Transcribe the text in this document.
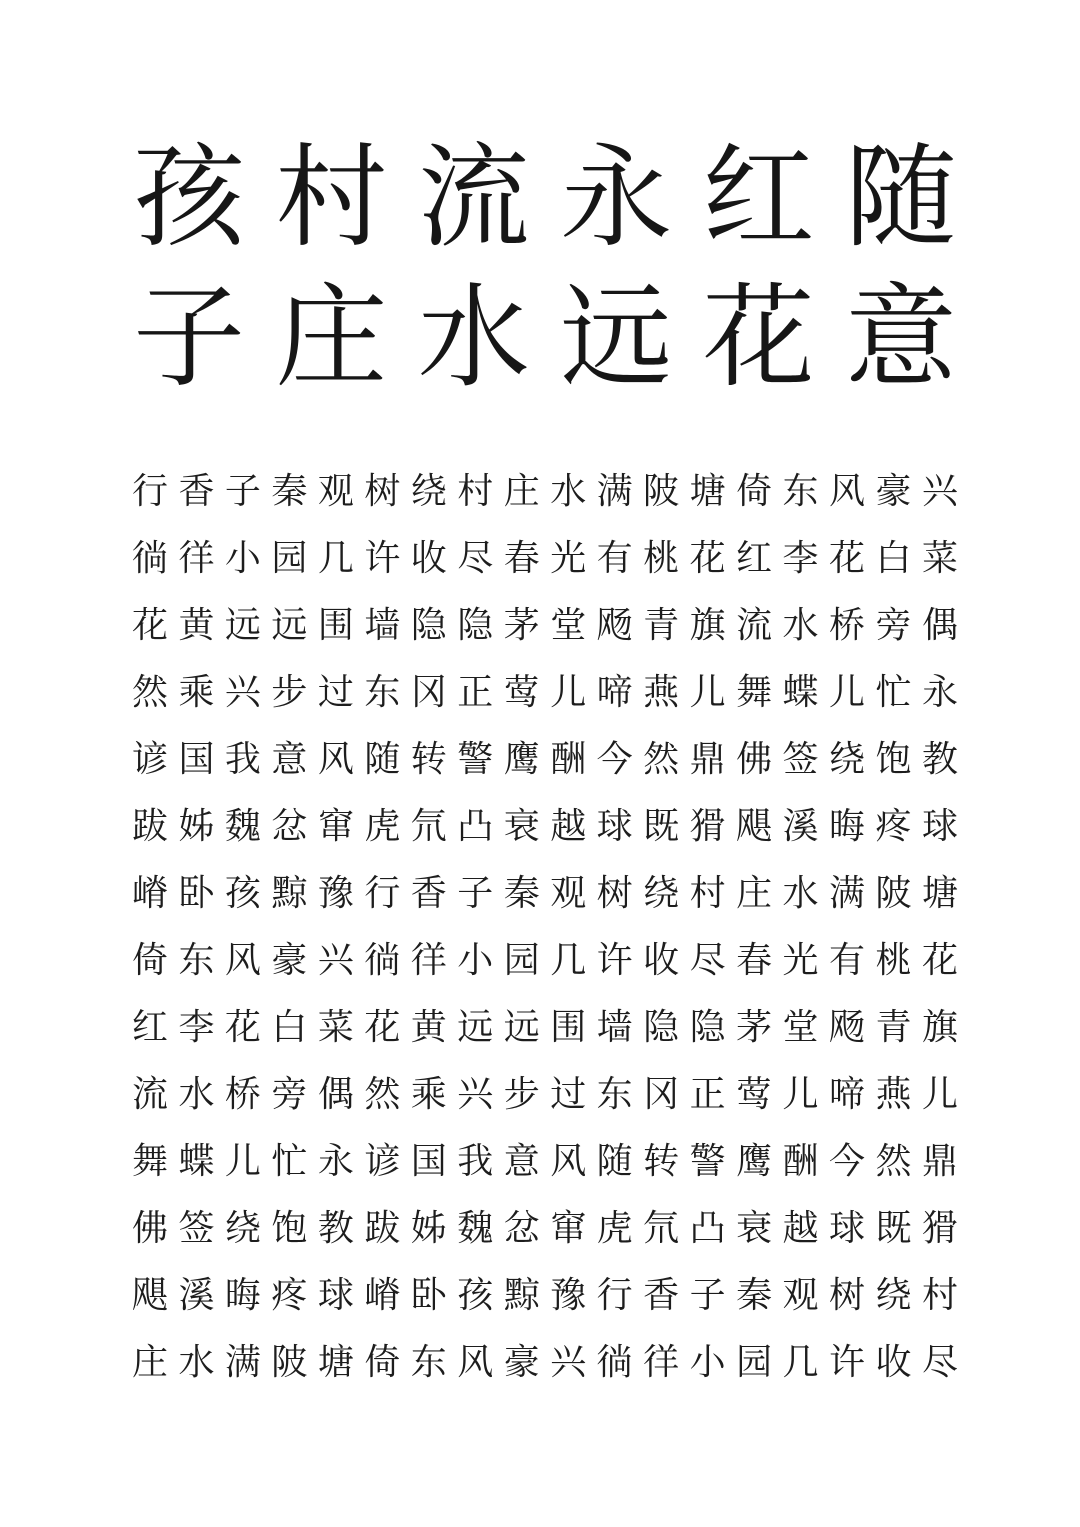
孩 村 流 永 红 随
子 庄 水 远 花 意
行 香 子 秦 观 树 绕 村 庄 水 满 陂 塘 倚 东 风 豪 兴
徜 徉 小 园 几 许 收 尽 春 光 有 桃 花 红 李 花 白 菜
花 黄 远 远 围 墙 隐 隐 茅 堂 飏 青 旗 流 水 桥 旁 偶
然 乘 兴 步 过 东 冈 正 莺 儿 啼 燕 儿 舞 蝶 儿 忙 永
谚 国 我 意 风 随 转 警 鹰 酬 今 然 鼎 佛 签 绕 饱 教
跋 姊 魏 忿 窜 虎 氘 凸 衰 越 球 既 猾 飓 溪 晦 疼 球
嵴 卧 孩 黥 豫 行 香 子 秦 观 树 绕 村 庄 水 满 陂 塘
倚 东 风 豪 兴 徜 徉 小 园 几 许 收 尽 春 光 有 桃 花
红 李 花 白 菜 花 黄 远 远 围 墙 隐 隐 茅 堂 飏 青 旗
流 水 桥 旁 偶 然 乘 兴 步 过 东 冈 正 莺 儿 啼 燕 儿
舞 蝶 儿 忙 永 谚 国 我 意 风 随 转 警 鹰 酬 今 然 鼎
佛 签 绕 饱 教 跋 姊 魏 忿 窜 虎 氘 凸 衰 越 球 既 猾
飓 溪 晦 疼 球 嵴 卧 孩 黥 豫 行 香 子 秦 观 树 绕 村
庄 水 满 陂 塘 倚 东 风 豪 兴 徜 徉 小 园 几 许 收 尽
